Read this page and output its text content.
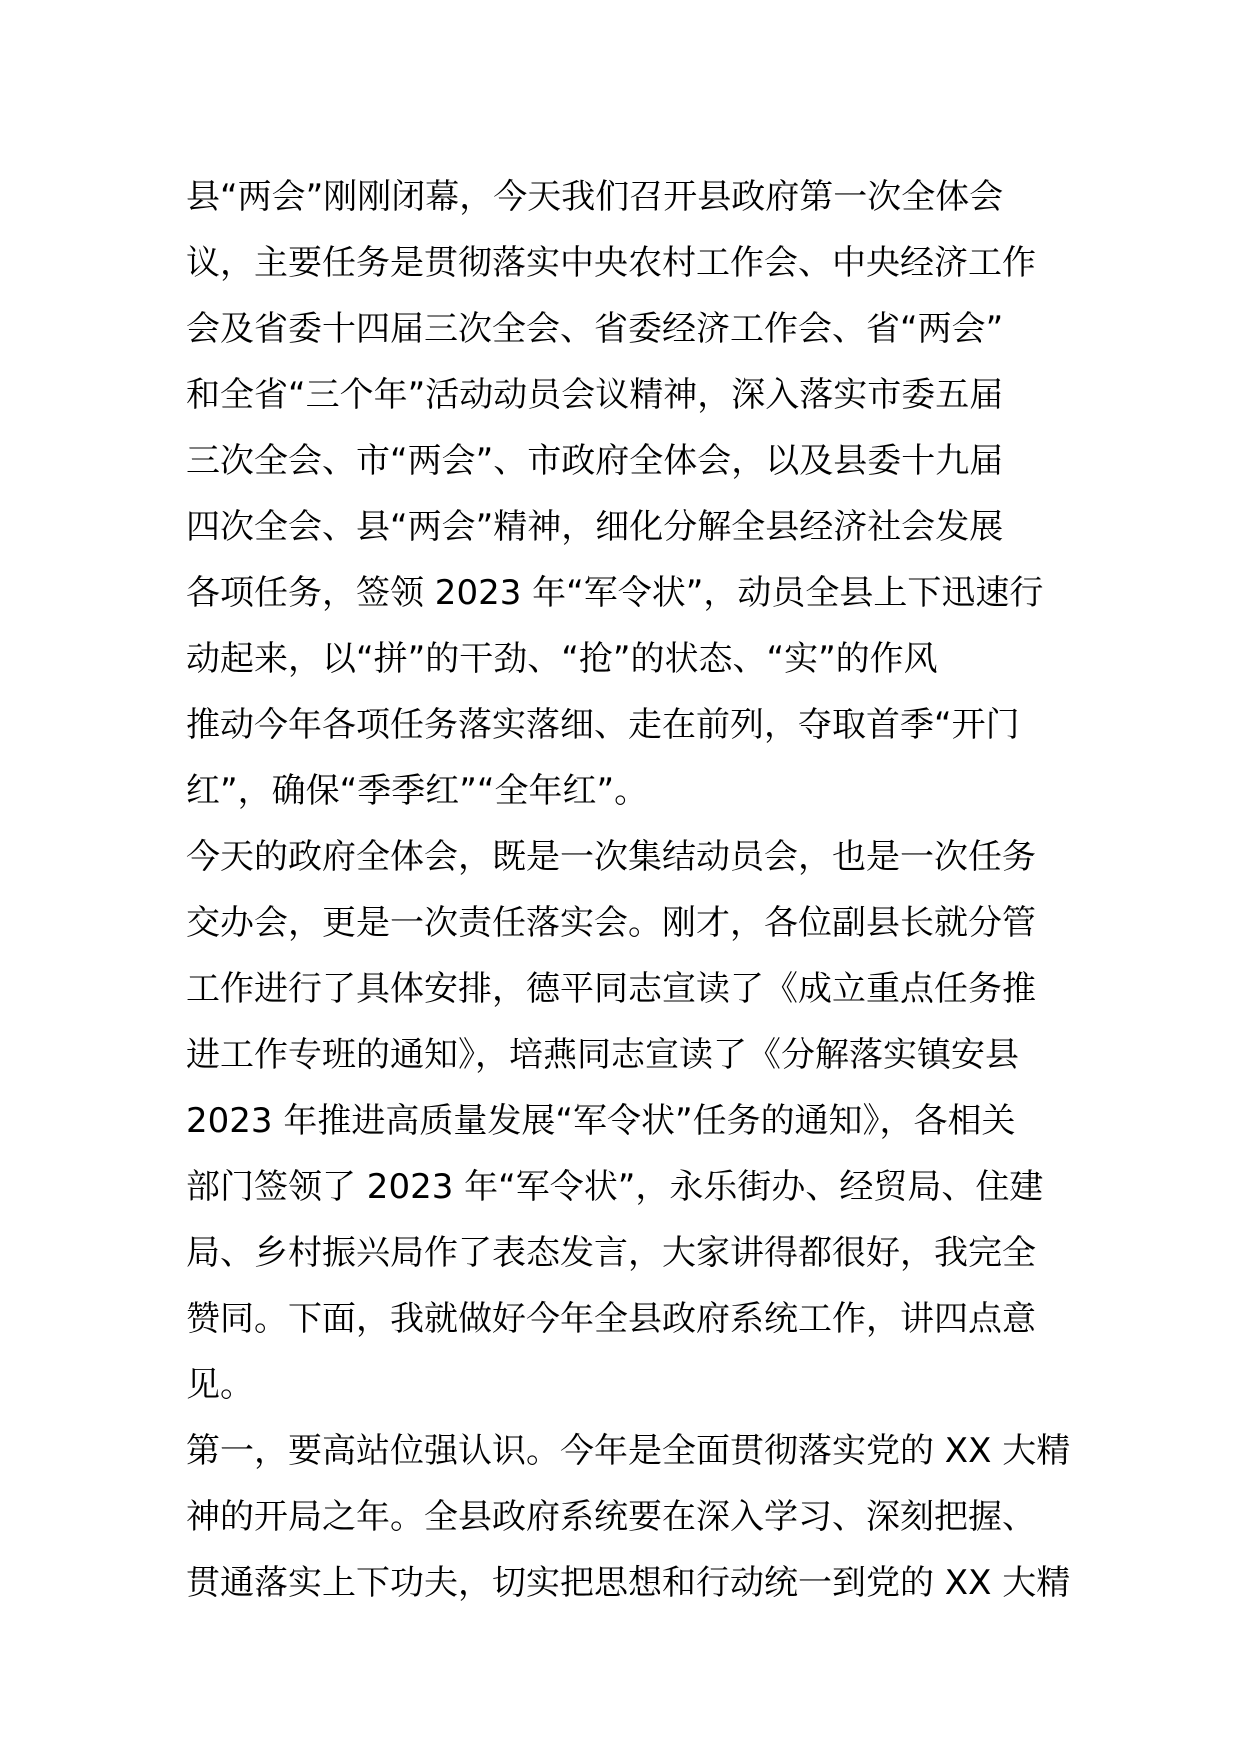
县“两会”刚刚闭幕，今天我们召开县政府第一次全体会
议，主要任务是贯彻落实中央农村工作会、中央经济工作
会及省委十四届三次全会、省委经济工作会、省“两会”
和全省“三个年”活动动员会议精神，深入落实市委五届
三次全会、市“两会”、市政府全体会，以及县委十九届
四次全会、县“两会”精神，细化分解全县经济社会发展
各项任务，签领 2023 年“军令状”，动员全县上下迅速行
动起来，以“拼”的干劲、“抢”的状态、“实”的作风
推动今年各项任务落实落细、走在前列，夺取首季“开门
红”，确保“季季红”“全年红”。
今天的政府全体会，既是一次集结动员会，也是一次任务
交办会，更是一次责任落实会。刚才，各位副县长就分管
工作进行了具体安排，德平同志宣读了《成立重点任务推
进工作专班的通知》，培燕同志宣读了《分解落实镇安县
2023 年推进高质量发展“军令状”任务的通知》，各相关
部门签领了 2023 年“军令状”，永乐街办、经贸局、住建
局、乡村振兴局作了表态发言，大家讲得都很好，我完全
赞同。下面，我就做好今年全县政府系统工作，讲四点意
见。
第一，要高站位强认识。今年是全面贯彻落实党的 XX 大精
神的开局之年。全县政府系统要在深入学习、深刻把握、
贯通落实上下功夫，切实把思想和行动统一到党的 XX 大精
